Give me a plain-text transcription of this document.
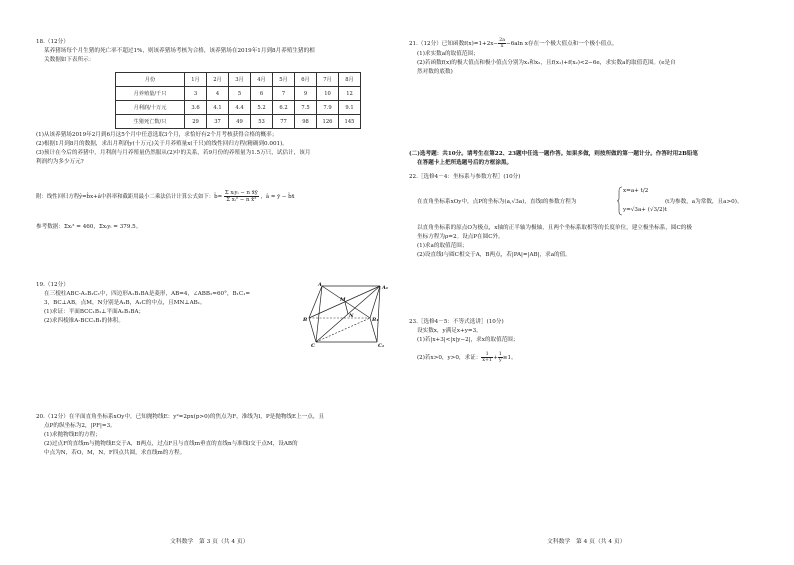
18.（12分）
某养猪场每个月生猪的死亡率不超过1%，则该养猪场考核为合格，该养猪场在2019年1月到8月养殖生猪的相
关数据如下表所示：
月份	1月	2月	3月	4月	5月	6月	7月	8月
月养殖量/千只	3	4	5	6	7	9	10	12
月利润/十万元	3.6	4.1	4.4	5.2	6.2	7.5	7.9	9.1
生猪死亡数/只	29	37	49	53	77	98	126	145
(1)从该养猪场2019年2月到6月这5个月中任意选取3个月，求恰好有2个月考核获得合格的概率；
(2)根据1月到8月的数据，求出月利润y(十万元)关于月养殖量x(千只)的线性回归方程(精确到0.001)。
(3)预计在今后的养猪中，月利润与月养殖量仍然服从(2)中的关系，若9月份的养殖量为1.5万只，试估计，该月
利润约为多少万元?
附：线性回归方程ŷ=b̂x+â中斜率和截距用最小二乘法估计计算公式如下：b̂= $\frac{\text{Σ xᵢyᵢ − n x̄ȳ}}{\text{Σ xᵢ² − n x̄²}}$ ，â = ȳ − b̂x̄
参考数据：Σxᵢ² = 460，Σxᵢyᵢ = 379.5。
19.（12分）
在三棱柱ABC-A₁B₁C₁中，四边形A₁B₁BA是菱形，AB=4，∠ABB₁=60°，B₁C₁=
3，BC⊥AB，点M，N分别是A₁B，A₁C的中点，且MN⊥AB₁。
(1)求证：平面BCC₁B₁⊥平面A₁B₁BA；
(2)求四棱锥A-BCC₁B₁的体积。
A	A₁
B	B₁
C	C₁
M
N
20.（12分）在平面直角坐标系xOy中，已知抛物线E：y²=2px(p>0)的焦点为F，准线为l，P是抛物线E上一点，且
点P的纵坐标为2，|PF|=3。
(1)求抛物线E的方程；
(2)过点F的直线m与抛物线E交于A，B两点，过点F且与直线m垂直的直线n与准线l交于点M，设AB的
中点为N，若O，M，N，F四点共圆，求直线m的方程。
文科数学　第 3 页（共 4 页）
21.（12分）已知函数$f(x)=1+2x- \frac{2a}{x} -6aln$ x存在一个极大值点和一个极小值点。
(1)求实数a的取值范围；
(2)若函数f(x)的极大值点和极小值点分别为x₁和x₂，且f(x₁)+f(x₂)<2−6e，求实数a的取值范围。(e是自
然对数的底数)
(二)选考题：共10分。请考生在第22、23题中任选一题作答。如果多做，则按所做的第一题计分。作答时用2B铅笔
在答题卡上把所选题号后的方框涂黑。
22.［选修4－4：坐标系与参数方程］(10分)
在直角坐标系xOy中，点P的坐标为(a,√3a)，直线l的参数方程为
x=a+ t/2
y=√3a+ (√3/2)t
(t为参数，a为常数，且a>0)。
以直角坐标系的原点O为极点，x轴的正半轴为极轴，且两个坐标系取相等的长度单位，建立极坐标系，圆C的极
坐标方程为ρ=2。设点P在圆C外。
(1)求a的取值范围；
(2)设直线l与圆C相交于A，B两点，若|PA|=|AB|，求a的值。
23.［选修4－5：不等式选讲］(10分)
设实数x，y满足x+y=3。
(1)若|x+3|<|x|y−2|，求x的取值范围；
(2)若x>0，y>0，求证： $\frac{1}{x+1} + \frac{1}{y} \ge 1$。
文科数学　第 4 页（共 4 页）
